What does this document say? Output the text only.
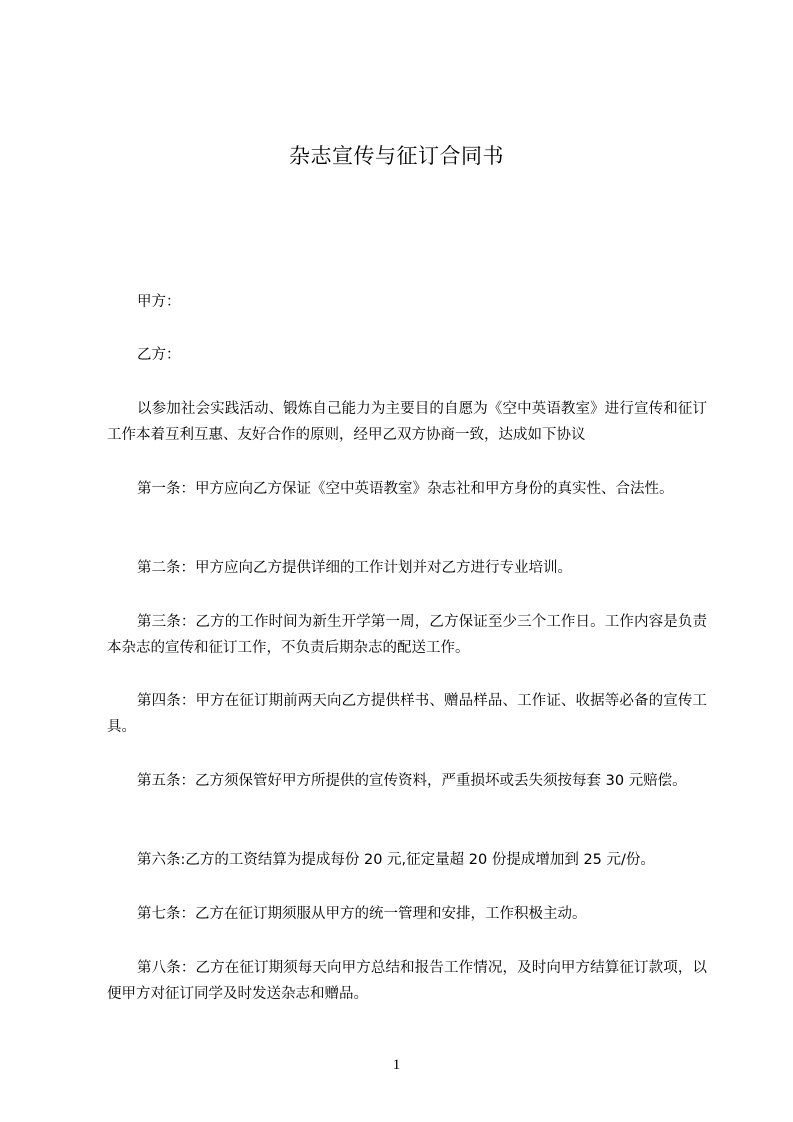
杂志宣传与征订合同书
甲方：
乙方：
以参加社会实践活动、锻炼自己能力为主要目的自愿为《空中英语教室》进行宣传和征订工作本着互利互惠、友好合作的原则，经甲乙双方协商一致，达成如下协议
第一条：甲方应向乙方保证《空中英语教室》杂志社和甲方身份的真实性、合法性。
第二条：甲方应向乙方提供详细的工作计划并对乙方进行专业培训。
第三条：乙方的工作时间为新生开学第一周，乙方保证至少三个工作日。工作内容是负责本杂志的宣传和征订工作，不负责后期杂志的配送工作。
第四条：甲方在征订期前两天向乙方提供样书、赠品样品、工作证、收据等必备的宣传工具。
第五条：乙方须保管好甲方所提供的宣传资料，严重损坏或丢失须按每套 30 元赔偿。
第六条:乙方的工资结算为提成每份 20 元,征定量超 20 份提成增加到 25 元/份。
第七条：乙方在征订期须服从甲方的统一管理和安排，工作积极主动。
第八条：乙方在征订期须每天向甲方总结和报告工作情况，及时向甲方结算征订款项，以便甲方对征订同学及时发送杂志和赠品。
1
